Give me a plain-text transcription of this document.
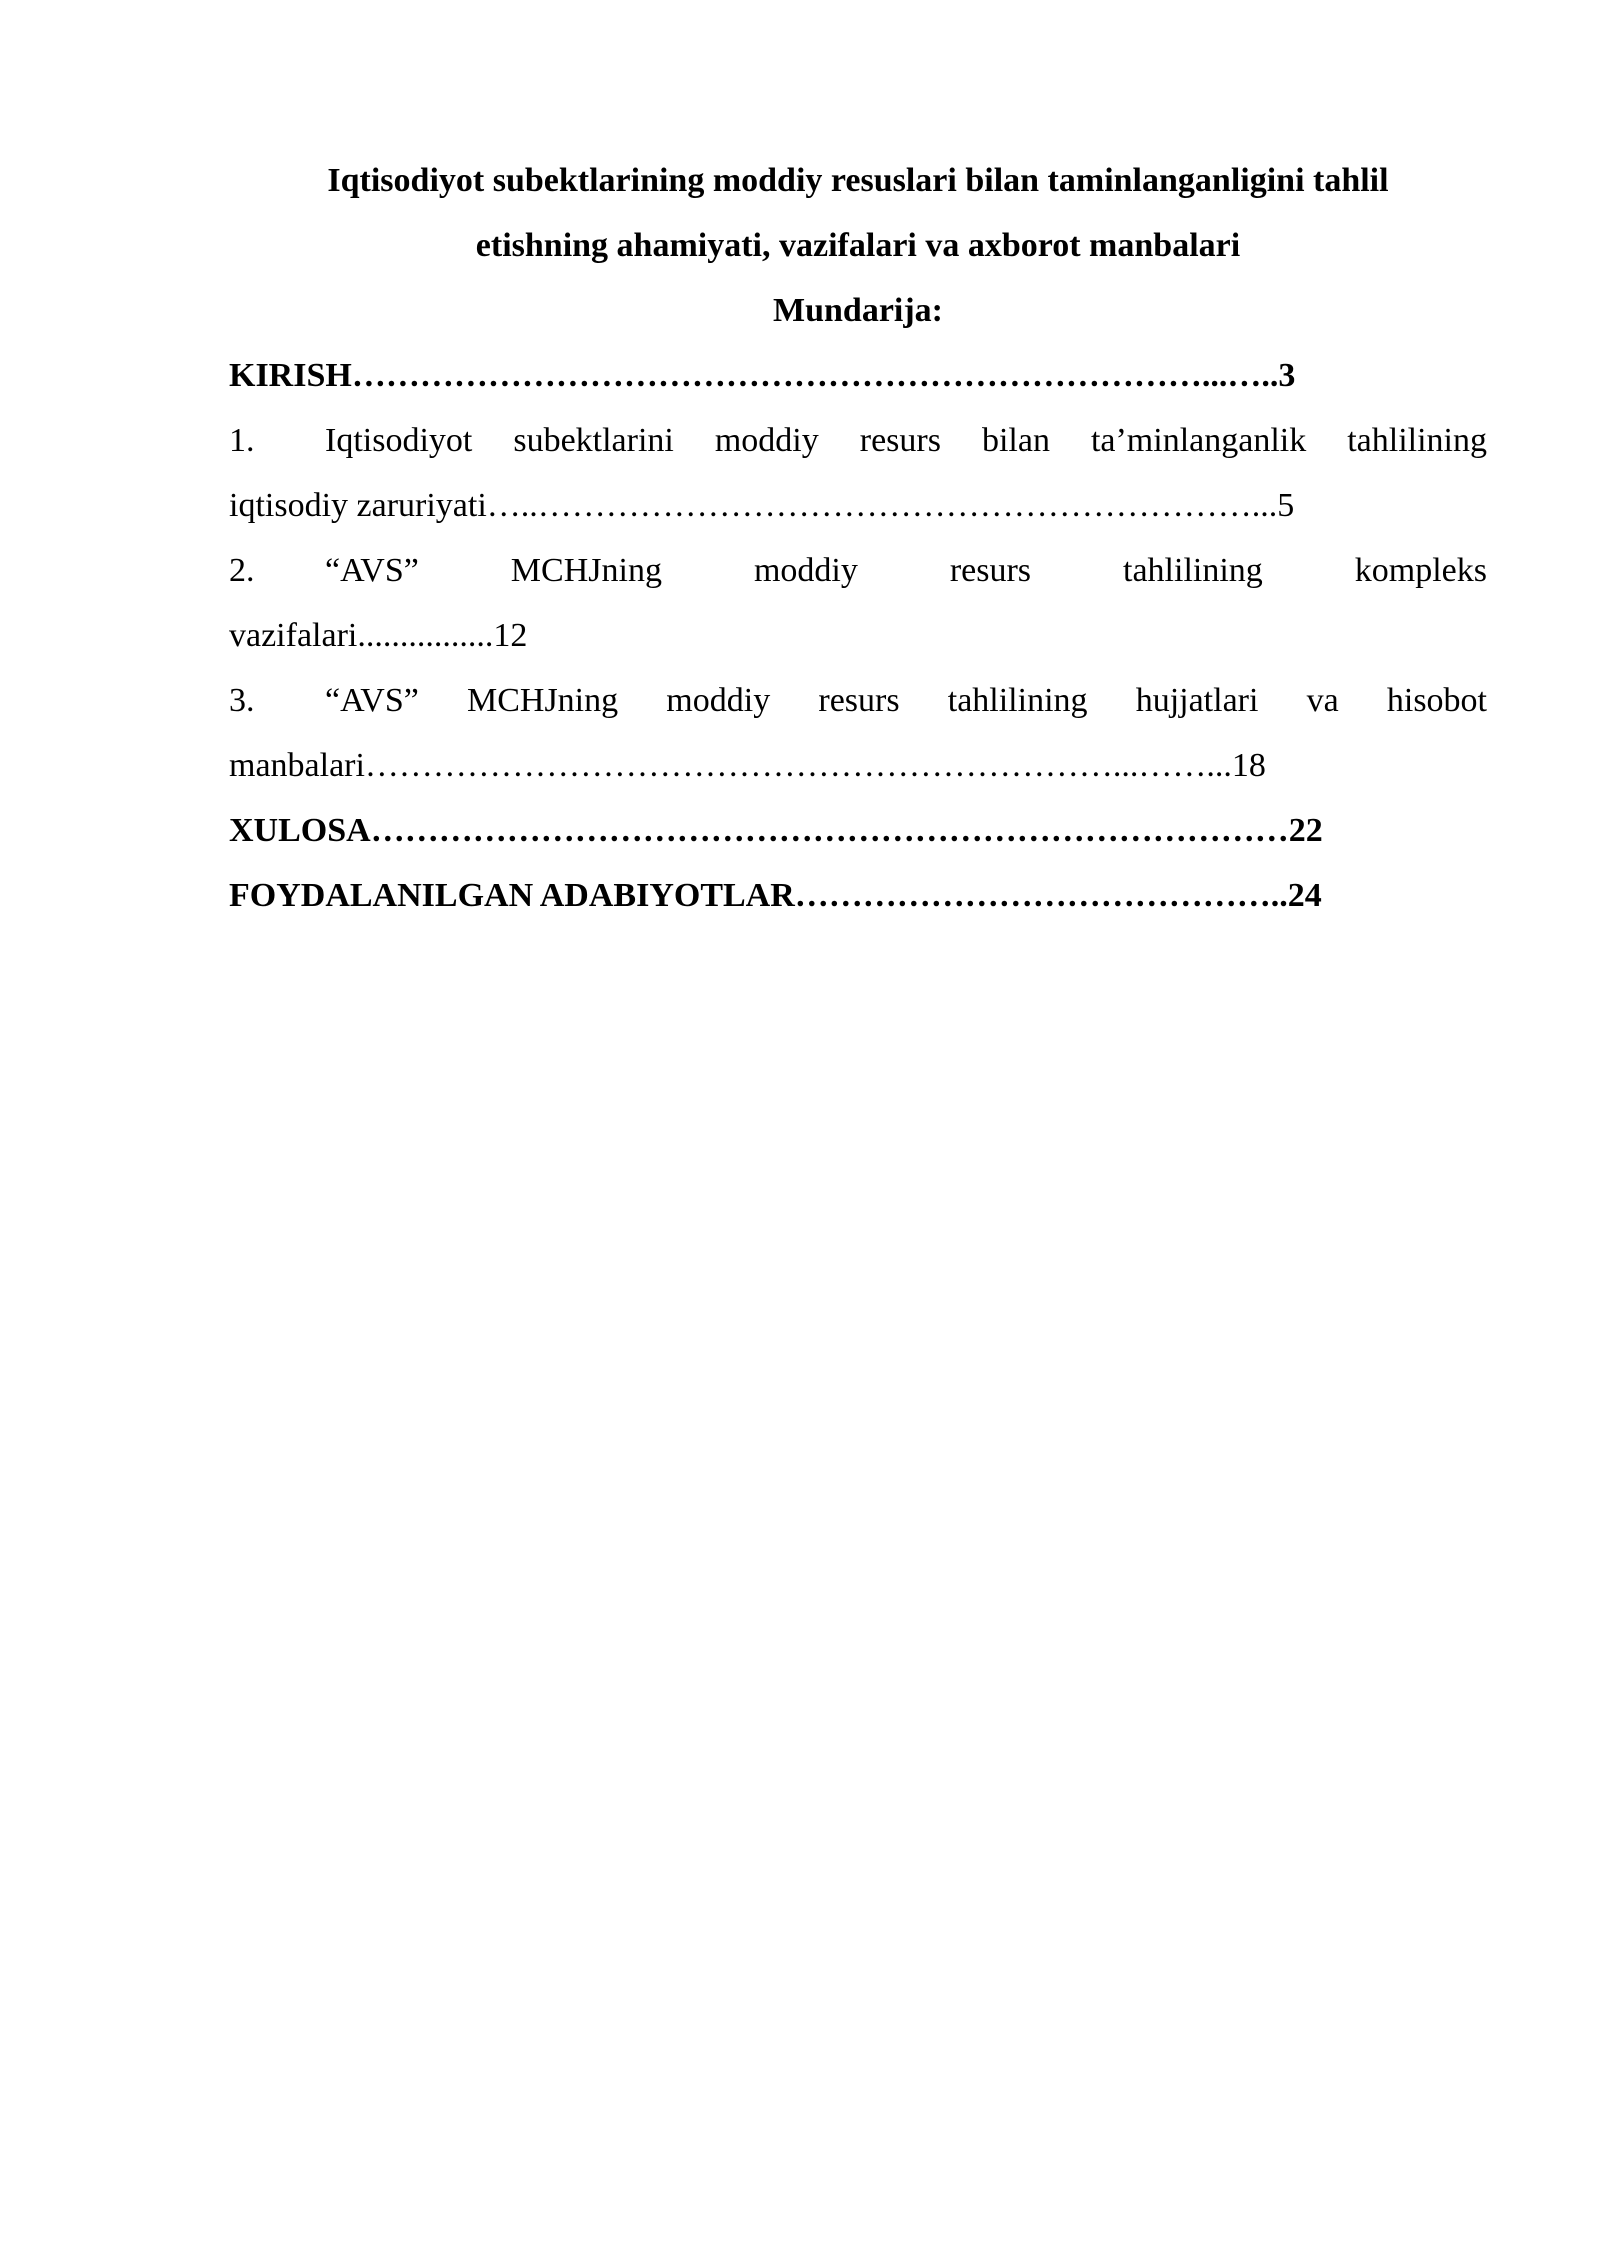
Iqtisodiyot subektlarining moddiy resuslari bilan taminlanganligini tahlil

etishning ahamiyati, vazifalari va axborot manbalari

Mundarija:

KIRISH…………………………………………………………………...…..3
1. Iqtisodiyot subektlarini moddiy resurs bilan ta’minlanganlik tahlilining
iqtisodiy zaruriyati…..………………………………………………………...5
2. “AVS” MCHJning moddiy resurs tahlilining kompleks
vazifalari................12
3. “AVS” MCHJning moddiy resurs tahlilining hujjatlari va hisobot
manbalari…………………………………………………………...……...18
XULOSA………………………………………………………………………22
FOYDALANILGAN ADABIYOTLAR……………………………………..24
